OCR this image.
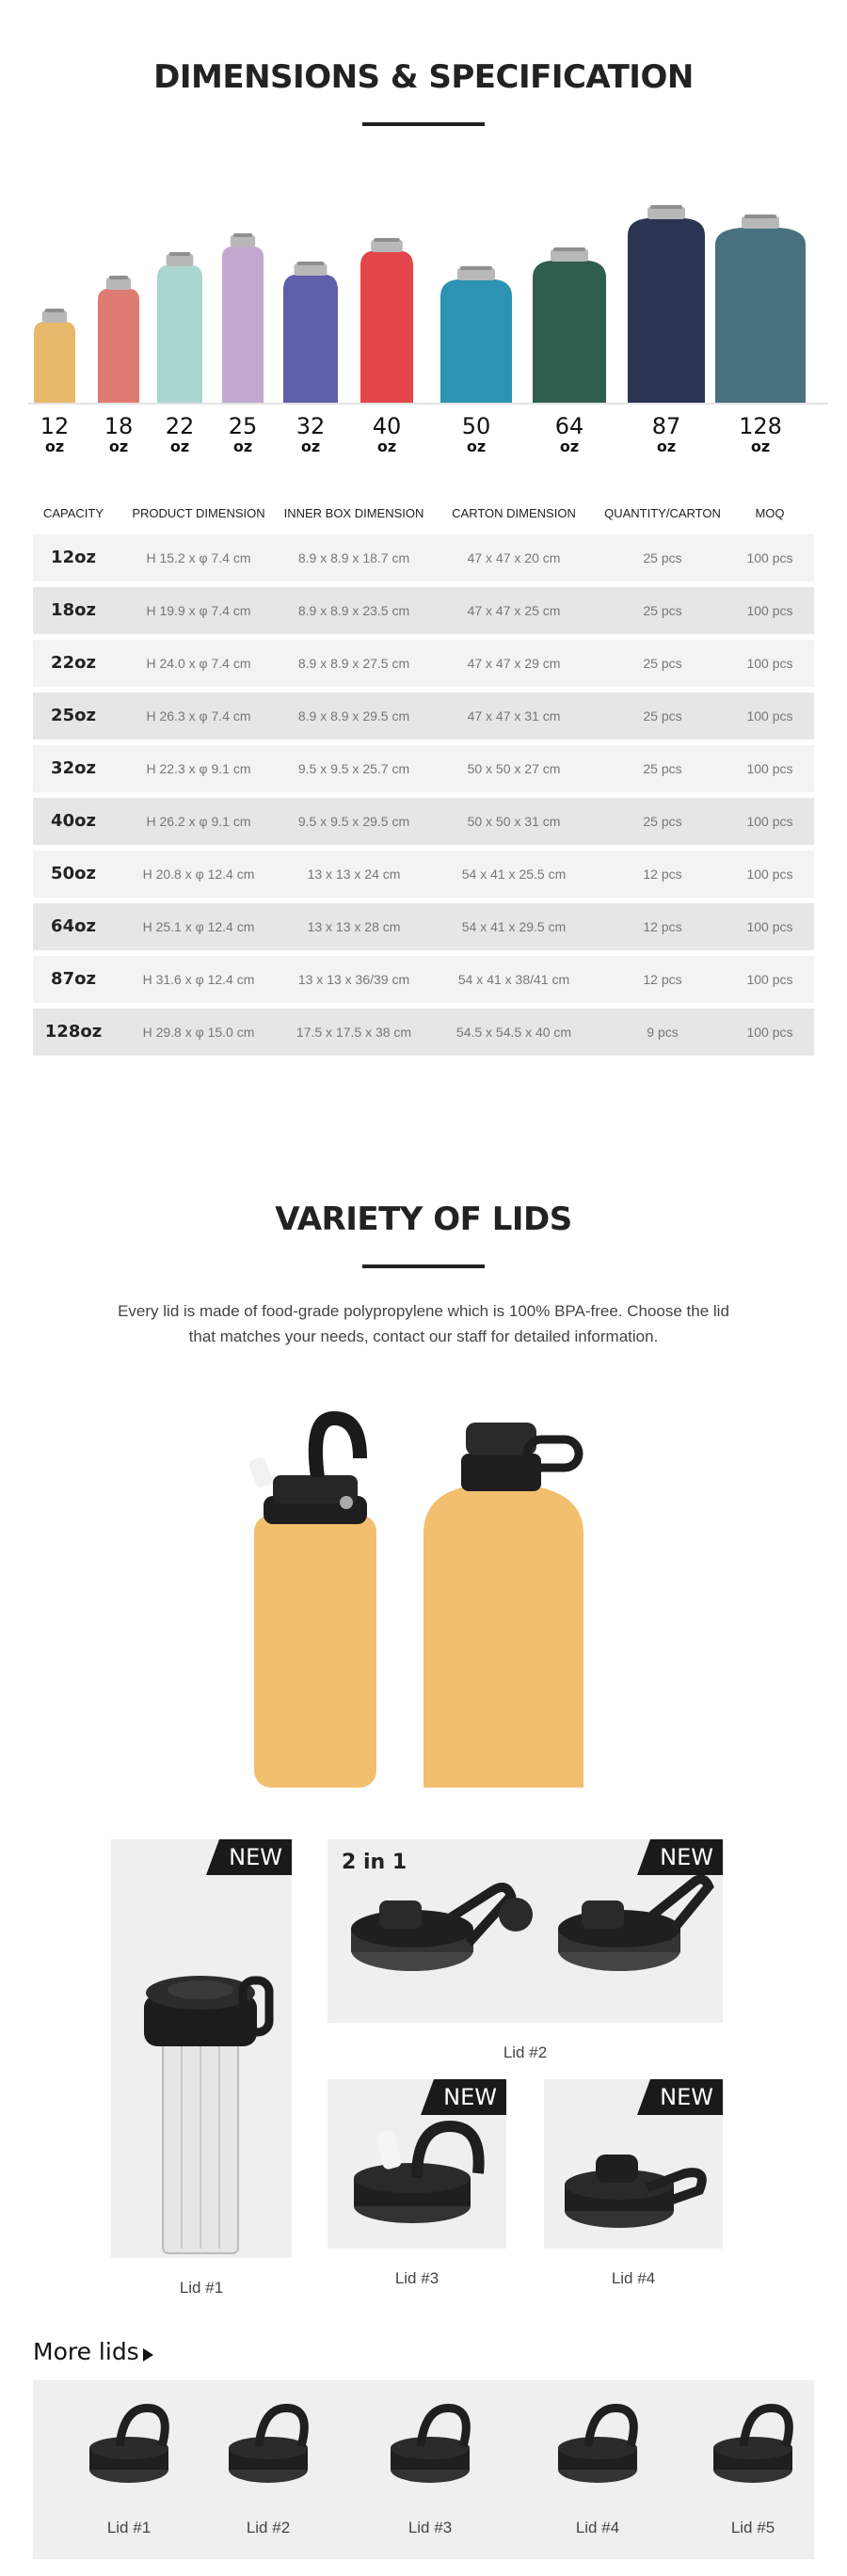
DIMENSIONS & SPECIFICATION
12
oz
18
oz
22
oz
25
oz
32
oz
40
oz
50
oz
64
oz
87
oz
128
oz
CAPACITY	PRODUCT DIMENSION	INNER BOX DIMENSION	CARTON DIMENSION	QUANTITY/CARTON	MOQ
12oz	H 15.2 x φ 7.4 cm	8.9 x 8.9 x 18.7 cm	47 x 47 x 20 cm	25 pcs	100 pcs
18oz	H 19.9 x φ 7.4 cm	8.9 x 8.9 x 23.5 cm	47 x 47 x 25 cm	25 pcs	100 pcs
22oz	H 24.0 x φ 7.4 cm	8.9 x 8.9 x 27.5 cm	47 x 47 x 29 cm	25 pcs	100 pcs
25oz	H 26.3 x φ 7.4 cm	8.9 x 8.9 x 29.5 cm	47 x 47 x 31 cm	25 pcs	100 pcs
32oz	H 22.3 x φ 9.1 cm	9.5 x 9.5 x 25.7 cm	50 x 50 x 27 cm	25 pcs	100 pcs
40oz	H 26.2 x φ 9.1 cm	9.5 x 9.5 x 29.5 cm	50 x 50 x 31 cm	25 pcs	100 pcs
50oz	H 20.8 x φ 12.4 cm	13 x 13 x 24 cm	54 x 41 x 25.5 cm	12 pcs	100 pcs
64oz	H 25.1 x φ 12.4 cm	13 x 13 x 28 cm	54 x 41 x 29.5 cm	12 pcs	100 pcs
87oz	H 31.6 x φ 12.4 cm	13 x 13 x 36/39 cm	54 x 41 x 38/41 cm	12 pcs	100 pcs
128oz	H 29.8 x φ 15.0 cm	17.5 x 17.5 x 38 cm	54.5 x 54.5 x 40 cm	9 pcs	100 pcs
VARIETY OF LIDS
Every lid is made of food-grade polypropylene which is 100% BPA-free. Choose the lid that matches your needs, contact our staff for detailed information.
NEW
Lid #1
2 in 1	NEW
Lid #2
NEW
Lid #3
NEW
Lid #4
More lids
Lid #1	Lid #2	Lid #3	Lid #4	Lid #5
